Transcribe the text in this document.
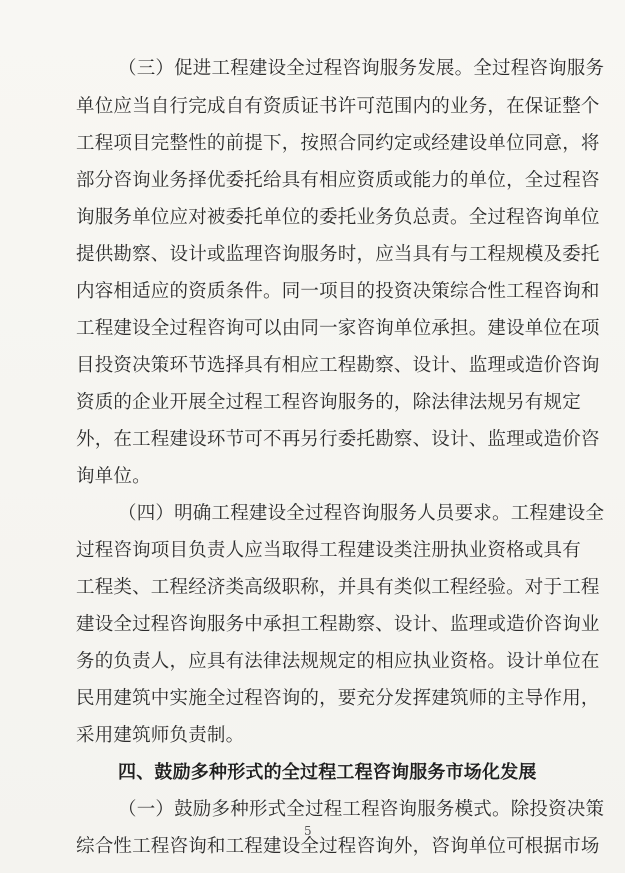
（三）促进工程建设全过程咨询服务发展。全过程咨询服务
单位应当自行完成自有资质证书许可范围内的业务，在保证整个
工程项目完整性的前提下，按照合同约定或经建设单位同意，将
部分咨询业务择优委托给具有相应资质或能力的单位，全过程咨
询服务单位应对被委托单位的委托业务负总责。全过程咨询单位
提供勘察、设计或监理咨询服务时，应当具有与工程规模及委托
内容相适应的资质条件。同一项目的投资决策综合性工程咨询和
工程建设全过程咨询可以由同一家咨询单位承担。建设单位在项
目投资决策环节选择具有相应工程勘察、设计、监理或造价咨询
资质的企业开展全过程工程咨询服务的，除法律法规另有规定
外，在工程建设环节可不再另行委托勘察、设计、监理或造价咨
询单位。
（四）明确工程建设全过程咨询服务人员要求。工程建设全
过程咨询项目负责人应当取得工程建设类注册执业资格或具有
工程类、工程经济类高级职称，并具有类似工程经验。对于工程
建设全过程咨询服务中承担工程勘察、设计、监理或造价咨询业
务的负责人，应具有法律法规规定的相应执业资格。设计单位在
民用建筑中实施全过程咨询的，要充分发挥建筑师的主导作用，
采用建筑师负责制。
四、鼓励多种形式的全过程工程咨询服务市场化发展
（一）鼓励多种形式全过程工程咨询服务模式。除投资决策
综合性工程咨询和工程建设全过程咨询外，咨询单位可根据市场
5
